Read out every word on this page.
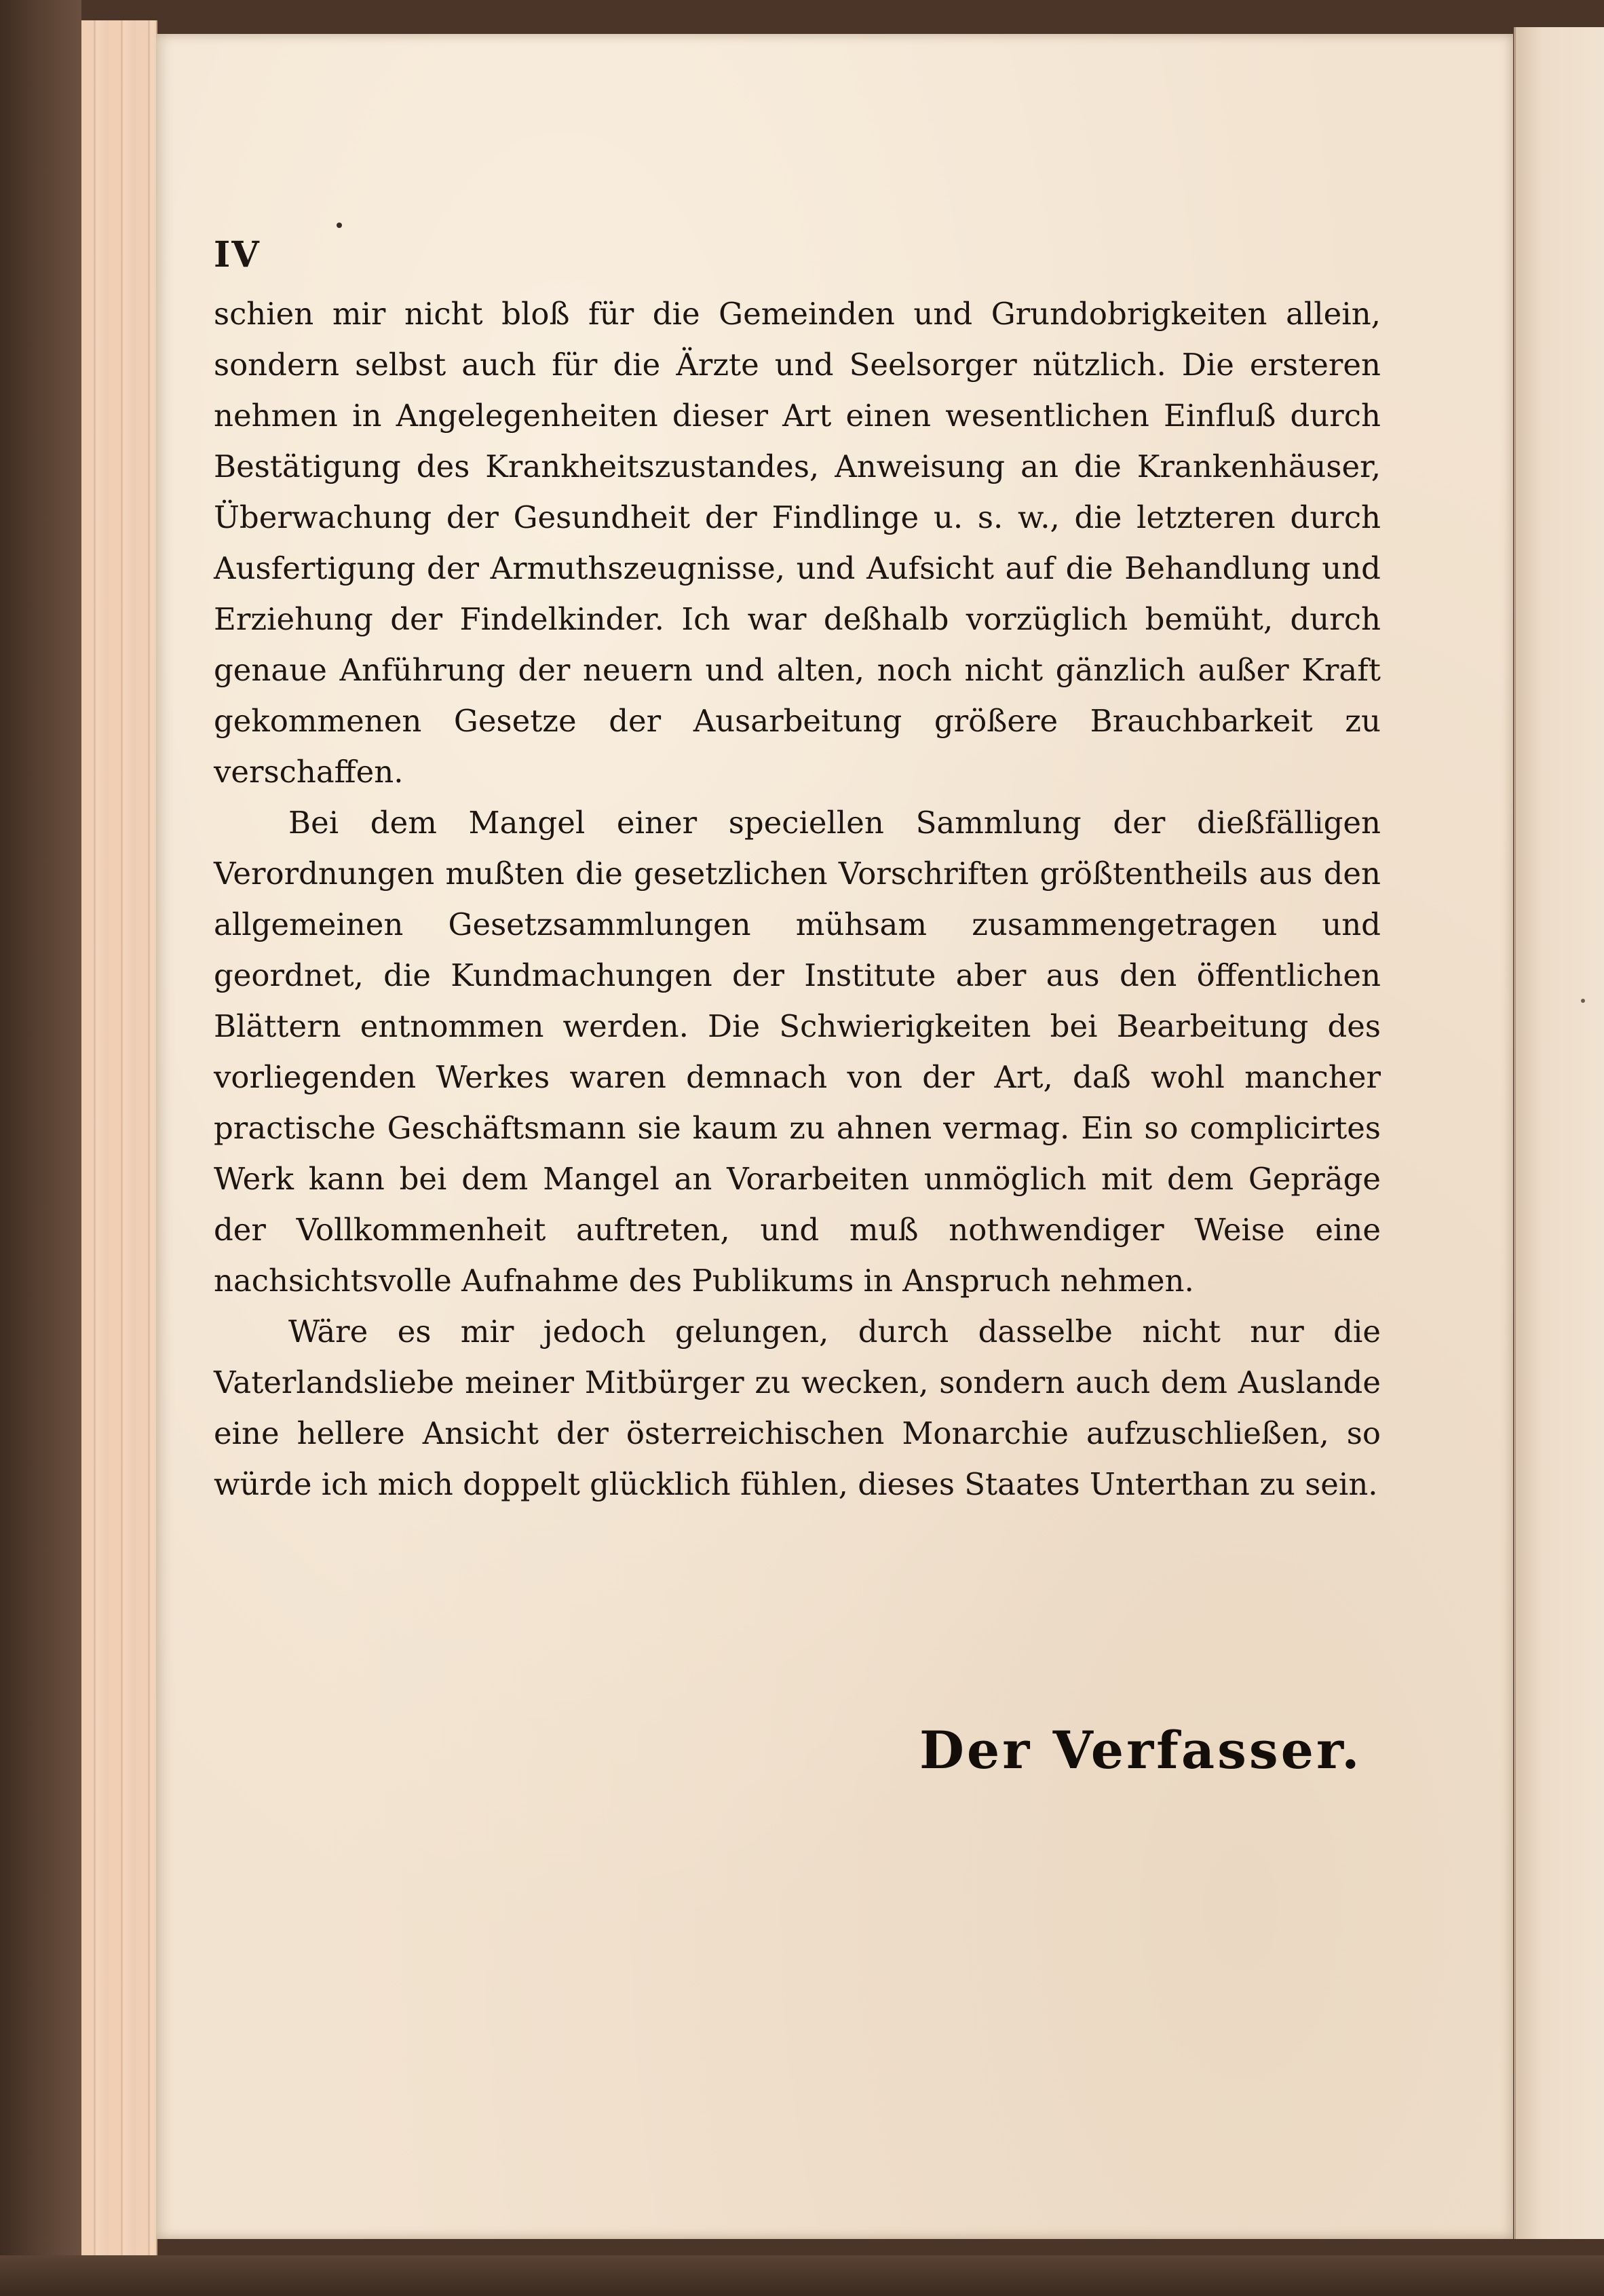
IV

schien mir nicht bloß für die Gemeinden und Grundobrigkeiten allein, sondern selbst auch für die Ärzte und Seelsorger nützlich. Die ersteren nehmen in Angelegenheiten dieser Art einen wesentlichen Einfluß durch Bestätigung des Krankheitszustandes, Anweisung an die Krankenhäuser, Überwachung der Gesundheit der Findlinge u. s. w., die letzteren durch Ausfertigung der Armuthszeugnisse, und Aufsicht auf die Behandlung und Erziehung der Findelkinder. Ich war deßhalb vorzüglich bemüht, durch genaue Anführung der neuern und alten, noch nicht gänzlich außer Kraft gekommenen Gesetze der Ausarbeitung größere Brauchbarkeit zu verschaffen.

Bei dem Mangel einer speciellen Sammlung der dießfälligen Verordnungen mußten die gesetzlichen Vorschriften größtentheils aus den allgemeinen Gesetzsammlungen mühsam zusammengetragen und geordnet, die Kundmachungen der Institute aber aus den öffentlichen Blättern entnommen werden. Die Schwierigkeiten bei Bearbeitung des vorliegenden Werkes waren demnach von der Art, daß wohl mancher practische Geschäftsmann sie kaum zu ahnen vermag. Ein so complicirtes Werk kann bei dem Mangel an Vorarbeiten unmöglich mit dem Gepräge der Vollkommenheit auftreten, und muß nothwendiger Weise eine nachsichtsvolle Aufnahme des Publikums in Anspruch nehmen.

Wäre es mir jedoch gelungen, durch dasselbe nicht nur die Vaterlandsliebe meiner Mitbürger zu wecken, sondern auch dem Auslande eine hellere Ansicht der österreichischen Monarchie aufzuschließen, so würde ich mich doppelt glücklich fühlen, dieses Staates Unterthan zu sein.

Der Verfasser.
